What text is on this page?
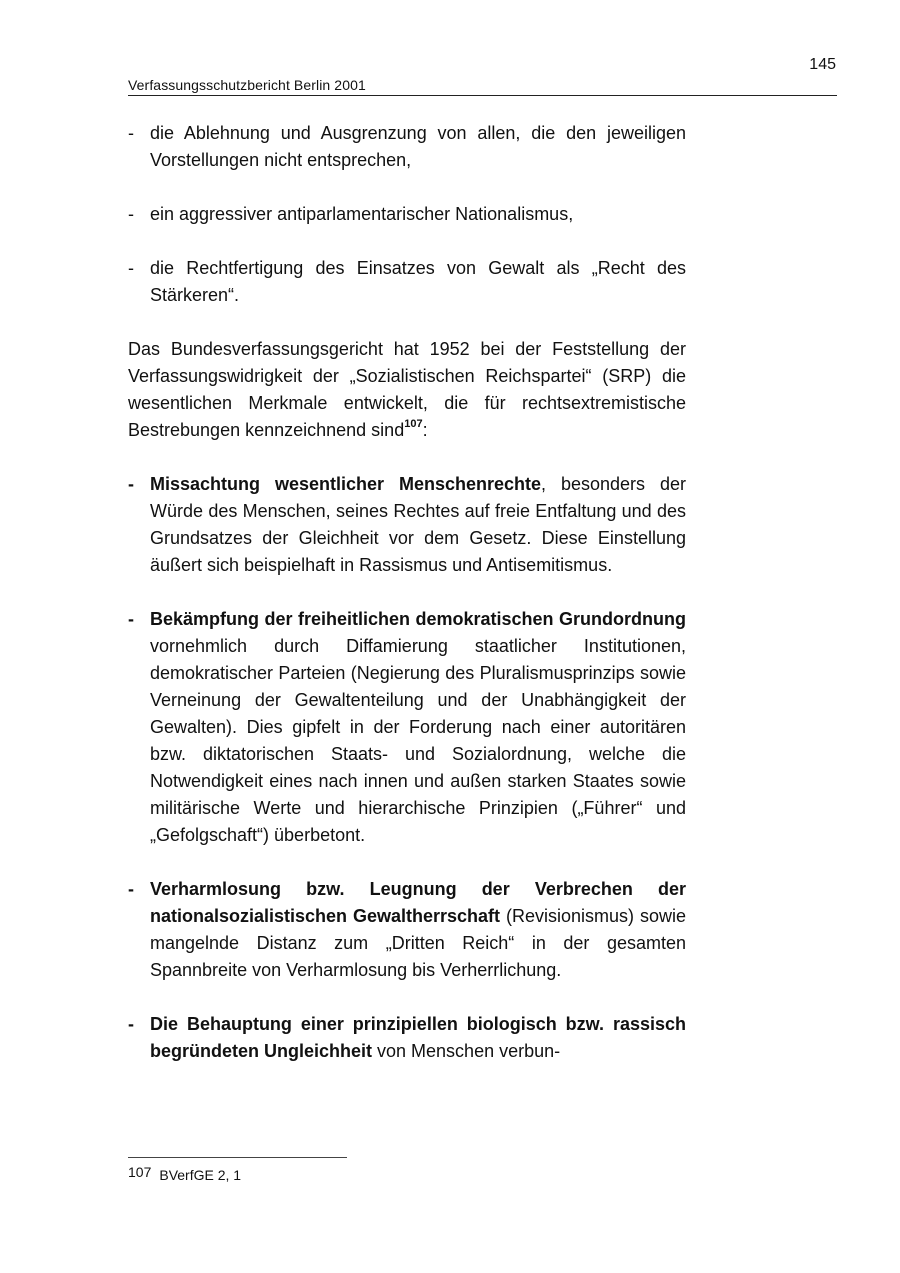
145
Verfassungsschutzbericht Berlin 2001
- die Ablehnung und Ausgrenzung von allen, die den jeweiligen Vorstellungen nicht entsprechen,
- ein aggressiver antiparlamentarischer Nationalismus,
- die Rechtfertigung des Einsatzes von Gewalt als „Recht des Stärkeren“.
Das Bundesverfassungsgericht hat 1952 bei der Feststellung der Verfassungswidrigkeit der „Sozialistischen Reichspartei“ (SRP) die wesentlichen Merkmale entwickelt, die für rechtsextremistische Bestrebungen kennzeichnend sind$^{107}$:
- Missachtung wesentlicher Menschenrechte, besonders der Würde des Menschen, seines Rechtes auf freie Entfaltung und des Grundsatzes der Gleichheit vor dem Gesetz. Diese Einstellung äußert sich beispielhaft in Rassismus und Antisemitismus.
- Bekämpfung der freiheitlichen demokratischen Grundordnung vornehmlich durch Diffamierung staatlicher Institutionen, demokratischer Parteien (Negierung des Pluralismusprinzips sowie Verneinung der Gewaltenteilung und der Unabhängigkeit der Gewalten). Dies gipfelt in der Forderung nach einer autoritären bzw. diktatorischen Staats- und Sozialordnung, welche die Notwendigkeit eines nach innen und außen starken Staates sowie militärische Werte und hierarchische Prinzipien („Führer“ und „Gefolgschaft“) überbetont.
- Verharmlosung bzw. Leugnung der Verbrechen der nationalsozialistischen Gewaltherrschaft (Revisionismus) sowie mangelnde Distanz zum „Dritten Reich“ in der gesamten Spannbreite von Verharmlosung bis Verherrlichung.
- Die Behauptung einer prinzipiellen biologisch bzw. rassisch begründeten Ungleichheit von Menschen verbun-
107 BVerfGE 2, 1
